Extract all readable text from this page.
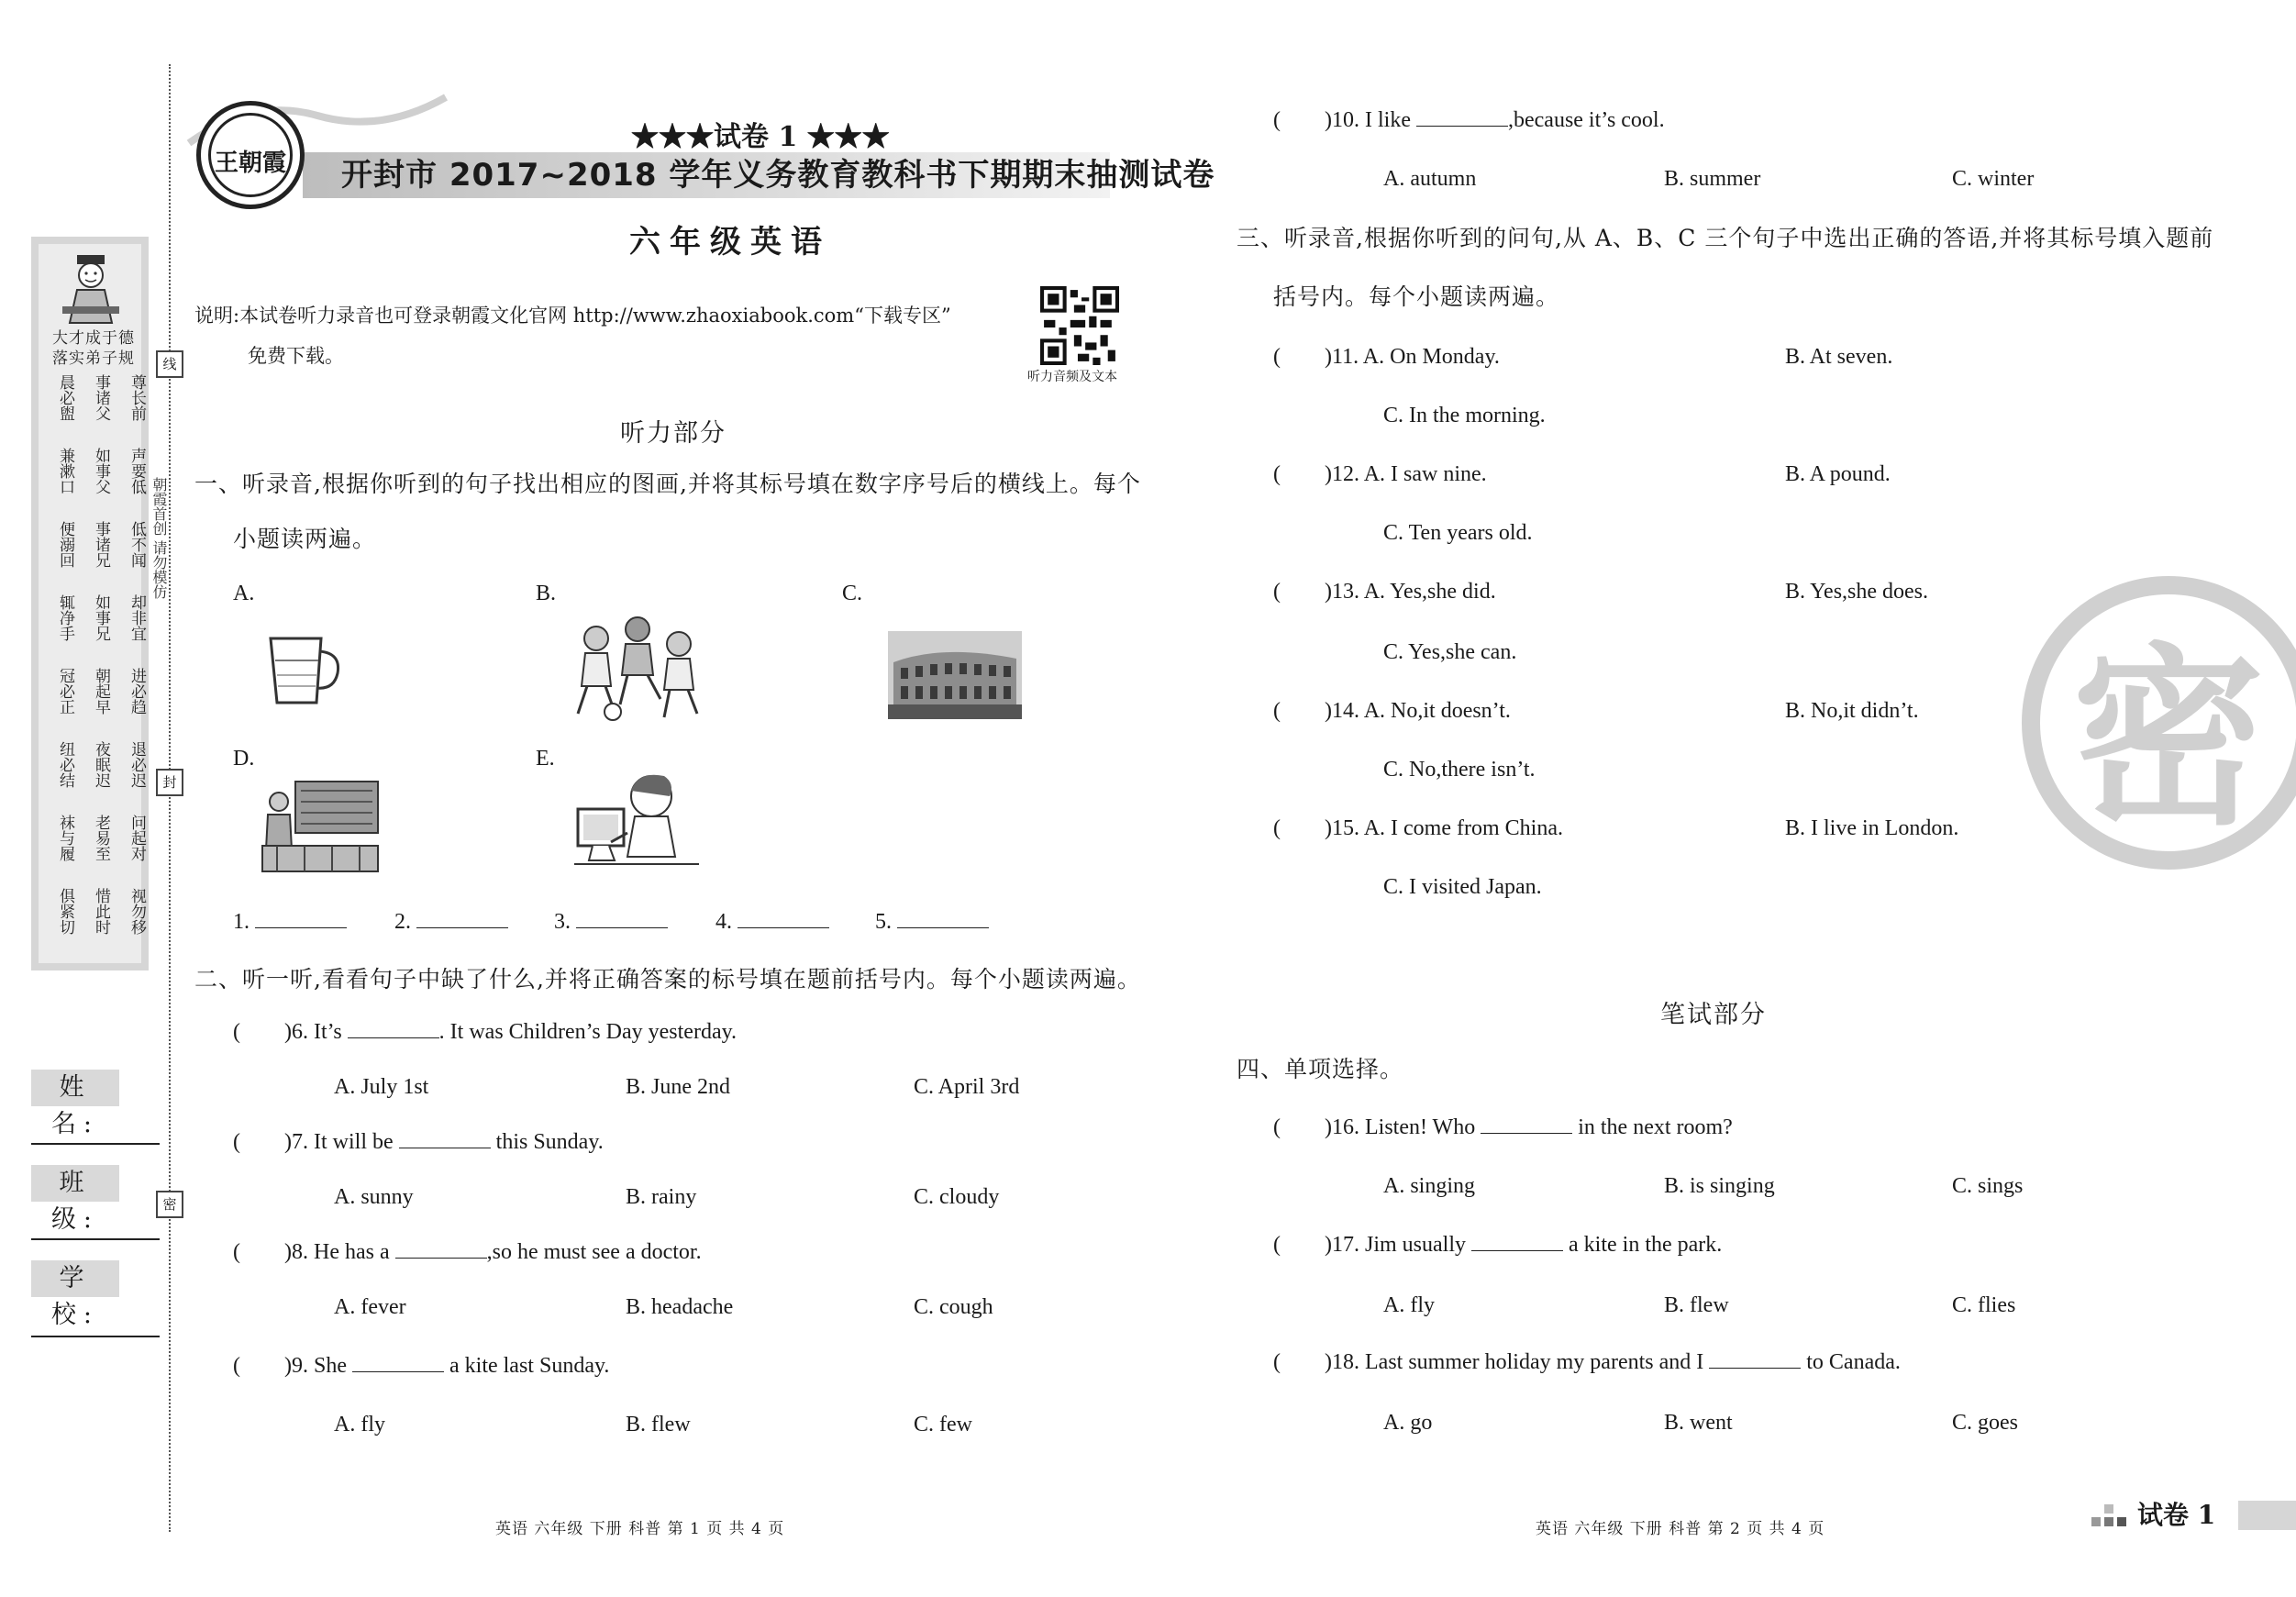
大才成于德
落实弟子规
晨必盥 事诸父 尊长前
兼漱口 如事父 声要低
便溺回 事诸兄 低不闻
辄净手 如事兄 却非宜
冠必正 朝起早 进必趋
纽必结 夜眠迟 退必迟
袜与履 老易至 问起对
俱紧切 惜此时 视勿移
线
朝霞首创 请勿模仿
封
密
姓 名:
班 级:
学 校:
王朝霞
★★★试卷 1 ★★★
开封市 2017~2018 学年义务教育教科书下期期末抽测试卷
六年级英语
说明:本试卷听力录音也可登录朝霞文化官网 http://www.zhaoxiabook.com“下载专区”
免费下载。
听力音频及文本
听力部分
一、听录音,根据你听到的句子找出相应的图画,并将其标号填在数字序号后的横线上。每个
小题读两遍。
A.	B.	C.
D.	E.
1.	2.	3.	4.	5.
二、听一听,看看句子中缺了什么,并将正确答案的标号填在题前括号内。每个小题读两遍。
( )6. It’s	. It was Children’s Day yesterday.
A. July 1st	B. June 2nd	C. April 3rd
( )7. It will be	this Sunday.
A. sunny	B. rainy	C. cloudy
( )8. He has a	,so he must see a doctor.
A. fever	B. headache	C. cough
( )9. She	a kite last Sunday.
A. fly	B. flew	C. few
英语 六年级 下册 科普 第 1 页 共 4 页
( )10. I like	,because it’s cool.
A. autumn	B. summer	C. winter
三、听录音,根据你听到的问句,从 A、B、C 三个句子中选出正确的答语,并将其标号填入题前
括号内。每个小题读两遍。
( )11. A. On Monday.	B. At seven.
C. In the morning.
( )12. A. I saw nine.	B. A pound.
C. Ten years old.
( )13. A. Yes,she did.	B. Yes,she does.
C. Yes,she can.
( )14. A. No,it doesn’t.	B. No,it didn’t.
C. No,there isn’t.
( )15. A. I come from China.	B. I live in London.
C. I visited Japan.
密
笔试部分
四、单项选择。
( )16. Listen! Who	in the next room?
A. singing	B. is singing	C. sings
( )17. Jim usually	a kite in the park.
A. fly	B. flew	C. flies
( )18. Last summer holiday my parents and I	to Canada.
A. go	B. went	C. goes
英语 六年级 下册 科普 第 2 页 共 4 页	试卷 1
